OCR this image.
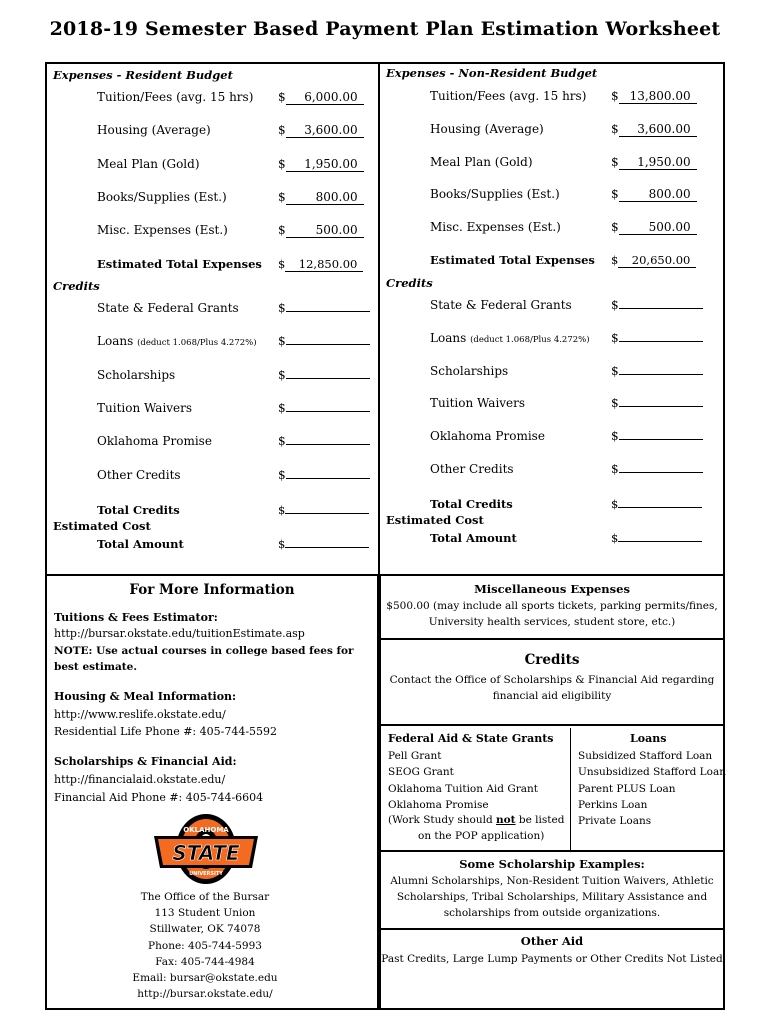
2018-19 Semester Based Payment Plan Estimation Worksheet
Expenses - Resident Budget
Tuition/Fees (avg. 15 hrs) $ 6,000.00
Housing (Average)	$ 3,600.00
Meal Plan (Gold)	$ 1,950.00
Books/Supplies (Est.)	$	800.00
Misc. Expenses (Est.)	$	500.00
Estimated Total Expenses $ 12,850.00
Credits
State & Federal Grants	$
Loans (deduct 1.068/Plus 4.272%) $
Scholarships	$
Tuition Waivers	$
Oklahoma Promise	$
Other Credits	$
Total Credits	$
Estimated Cost
Total Amount	$
Expenses - Non-Resident Budget
Tuition/Fees (avg. 15 hrs) $ 13,800.00
Housing (Average)	$ 3,600.00
Meal Plan (Gold)	$ 1,950.00
Books/Supplies (Est.)	$	800.00
Misc. Expenses (Est.)	$	500.00
Estimated Total Expenses $ 20,650.00
Credits
State & Federal Grants	$
Loans (deduct 1.068/Plus 4.272%) $
Scholarships	$
Tuition Waivers	$
Oklahoma Promise	$
Other Credits	$
Total Credits	$
Estimated Cost
Total Amount	$
For More Information
Tuitions & Fees Estimator:
http://bursar.okstate.edu/tuitionEstimate.asp
NOTE: Use actual courses in college based fees for
best estimate.
Housing & Meal Information:
http://www.reslife.okstate.edu/
Residential Life Phone #: 405-744-5592
Scholarships & Financial Aid:
http://financialaid.okstate.edu/
Financial Aid Phone #: 405-744-6604
OKLAHOMA
STATE
UNIVERSITY
The Office of the Bursar
113 Student Union
Stillwater, OK 74078
Phone: 405-744-5993
Fax: 405-744-4984
Email: bursar@okstate.edu
http://bursar.okstate.edu/
Miscellaneous Expenses
$500.00 (may include all sports tickets, parking permits/fines,
University health services, student store, etc.)
Credits
Contact the Office of Scholarships & Financial Aid regarding
financial aid eligibility
Federal Aid & State Grants
Pell Grant
SEOG Grant
Oklahoma Tuition Aid Grant
Oklahoma Promise
(Work Study should not be listed
on the POP application)
Loans
Subsidized Stafford Loan
Unsubsidized Stafford Loan
Parent PLUS Loan
Perkins Loan
Private Loans
Some Scholarship Examples:
Alumni Scholarships, Non-Resident Tuition Waivers, Athletic
Scholarships, Tribal Scholarships, Military Assistance and
scholarships from outside organizations.
Other Aid
Past Credits, Large Lump Payments or Other Credits Not Listed
